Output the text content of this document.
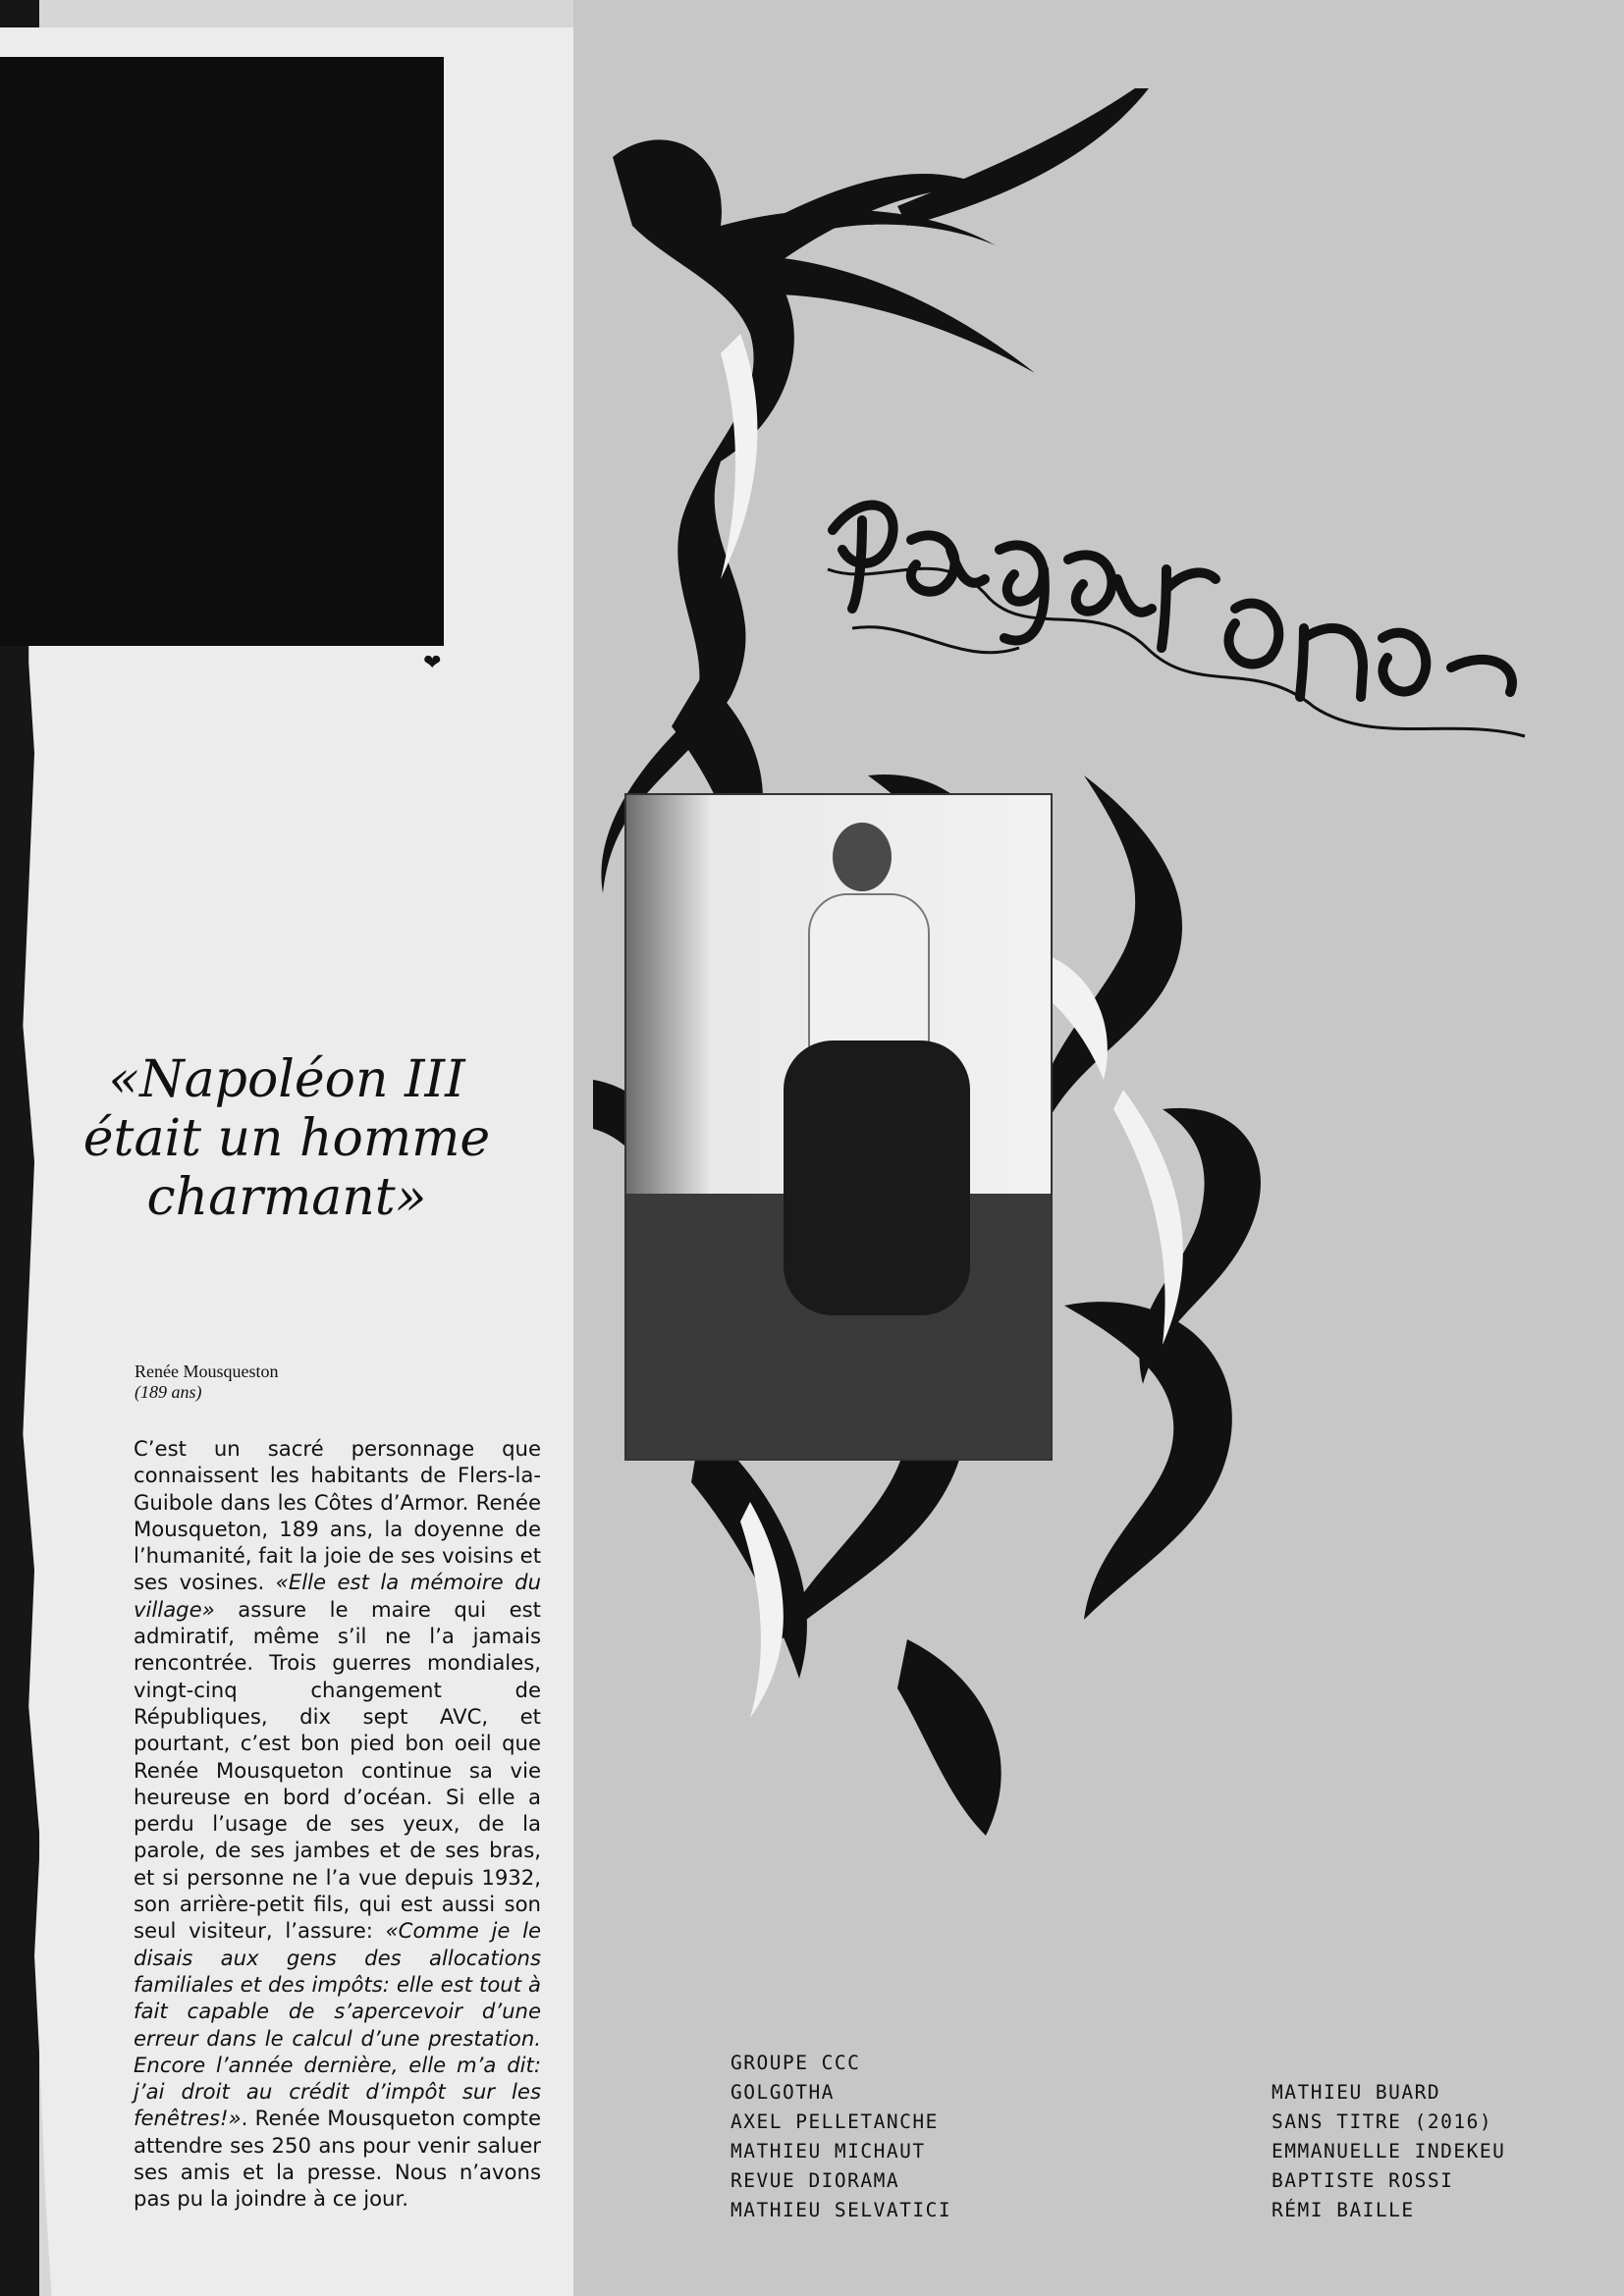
❤
«Napoléon III était un homme charmant»
Renée Mousqueston
(189 ans)

C’est un sacré personnage que connaissent les habitants de Flers-la-Guibole dans les Côtes d’Armor. Renée Mousqueton, 189 ans, la doyenne de l’humanité, fait la joie de ses voisins et ses vosines. «Elle est la mémoire du village» assure le maire qui est admiratif, même s’il ne l’a jamais rencontrée. Trois guerres mondiales, vingt-cinq changement de Républiques, dix sept AVC, et pourtant, c’est bon pied bon oeil que Renée Mousqueton continue sa vie heureuse en bord d’océan. Si elle a perdu l’usage de ses yeux, de la parole, de ses jambes et de ses bras, et si personne ne l’a vue depuis 1932, son arrière-petit fils, qui est aussi son seul visiteur, l’assure: «Comme je le disais aux gens des allocations familiales et des impôts: elle est tout à fait capable de s’apercevoir d’une erreur dans le calcul d’une prestation. Encore l’année dernière, elle m’a dit: j’ai droit au crédit d’impôt sur les fenêtres!». Renée Mousqueton compte attendre ses 250 ans pour venir saluer ses amis et la presse. Nous n’avons pas pu la joindre à ce jour.

GROUPE CCC
GOLGOTHA
AXEL PELLETANCHE
MATHIEU MICHAUT
REVUE DIORAMA
MATHIEU SELVATICI
MATHIEU BUARD
SANS TITRE (2016)
EMMANUELLE INDEKEU
BAPTISTE ROSSI
RÉMI BAILLE
